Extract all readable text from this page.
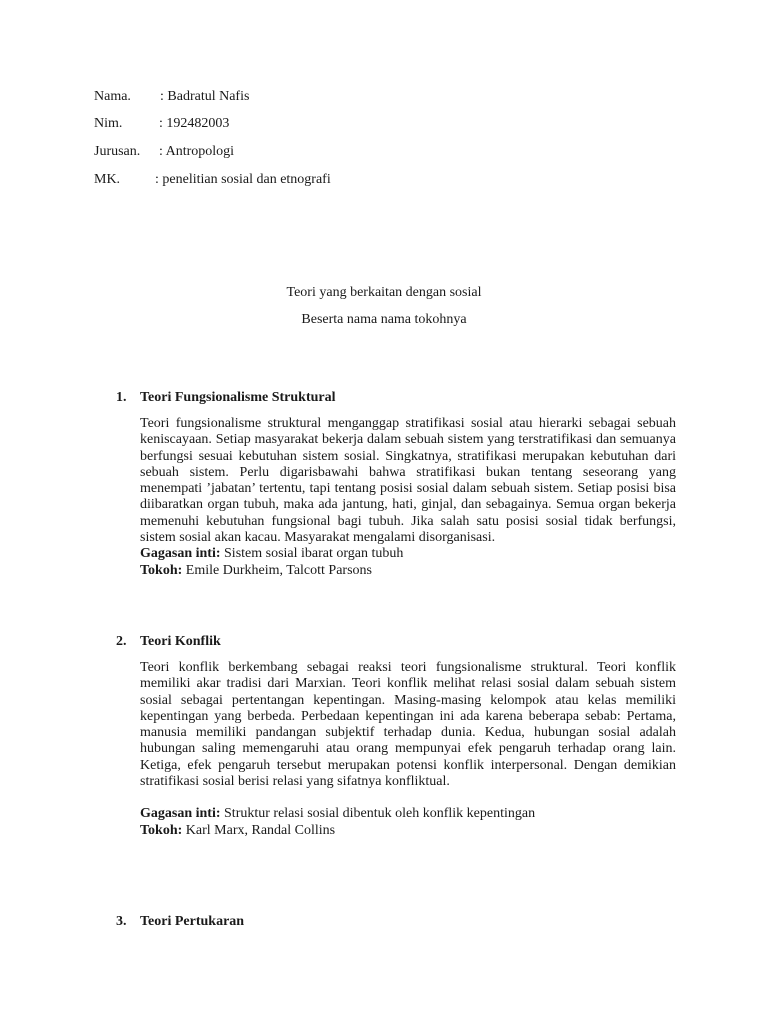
Nama. : Badratul Nafis
Nim.	: 192482003
Jurusan. : Antropologi
MK. : penelitian sosial dan etnografi
Teori yang berkaitan dengan sosial
Beserta nama nama tokohnya
1. Teori Fungsionalisme Struktural
Teori fungsionalisme struktural menganggap stratifikasi sosial atau hierarki sebagai sebuah keniscayaan. Setiap masyarakat bekerja dalam sebuah sistem yang terstratifikasi dan semuanya berfungsi sesuai kebutuhan sistem sosial. Singkatnya, stratifikasi merupakan kebutuhan dari sebuah sistem. Perlu digarisbawahi bahwa stratifikasi bukan tentang seseorang yang menempati ’jabatan’ tertentu, tapi tentang posisi sosial dalam sebuah sistem. Setiap posisi bisa diibaratkan organ tubuh, maka ada jantung, hati, ginjal, dan sebagainya. Semua organ bekerja memenuhi kebutuhan fungsional bagi tubuh. Jika salah satu posisi sosial tidak berfungsi, sistem sosial akan kacau. Masyarakat mengalami disorganisasi.
Gagasan inti: Sistem sosial ibarat organ tubuh
Tokoh: Emile Durkheim, Talcott Parsons
2. Teori Konflik
Teori konflik berkembang sebagai reaksi teori fungsionalisme struktural. Teori konflik memiliki akar tradisi dari Marxian. Teori konflik melihat relasi sosial dalam sebuah sistem sosial sebagai pertentangan kepentingan. Masing-masing kelompok atau kelas memiliki kepentingan yang berbeda. Perbedaan kepentingan ini ada karena beberapa sebab: Pertama, manusia memiliki pandangan subjektif terhadap dunia. Kedua, hubungan sosial adalah hubungan saling memengaruhi atau orang mempunyai efek pengaruh terhadap orang lain. Ketiga, efek pengaruh tersebut merupakan potensi konflik interpersonal. Dengan demikian stratifikasi sosial berisi relasi yang sifatnya konfliktual.
Gagasan inti: Struktur relasi sosial dibentuk oleh konflik kepentingan
Tokoh: Karl Marx, Randal Collins
3. Teori Pertukaran
